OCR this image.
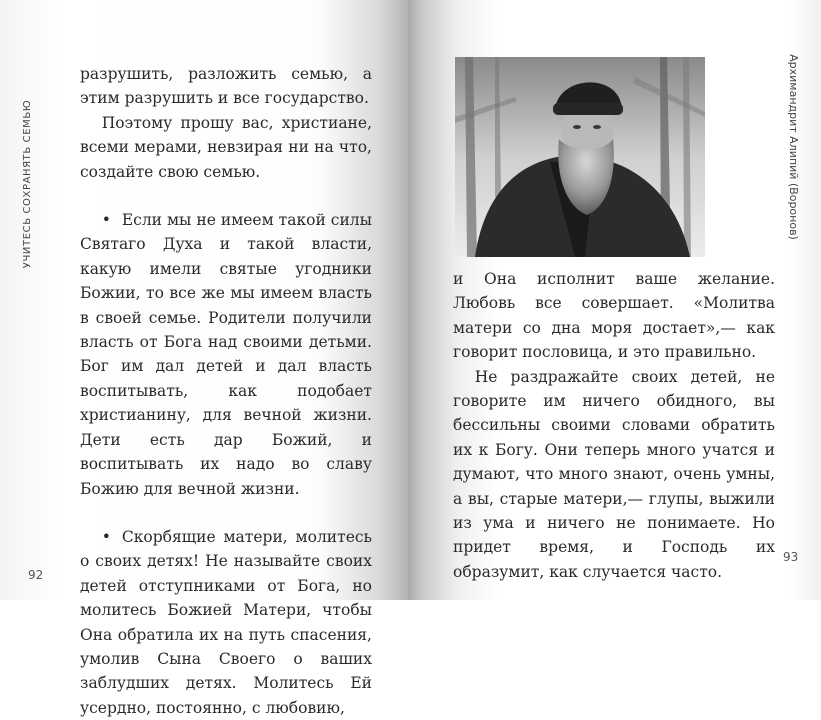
УЧИТЕСЬ СОХРАНЯТЬ СЕМЬЮ

разрушить, разложить семью, а этим разрушить и все государство.

Поэтому прошу вас, христиане, всеми мерами, невзирая ни на что, создайте свою семью.

• Если мы не имеем такой силы Святаго Духа и такой власти, какую имели святые угодники Божии, то все же мы имеем власть в своей семье. Родители получили власть от Бога над своими детьми. Бог им дал детей и дал власть воспитывать, как подобает христианину, для вечной жизни. Дети есть дар Божий, и воспитывать их надо во славу Божию для вечной жизни.

• Скорбящие матери, молитесь о своих детях! Не называйте своих детей отступниками от Бога, но молитесь Божией Матери, чтобы Она обратила их на путь спасения, умолив Сына Своего о ваших заблудших детях. Молитесь Ей усердно, постоянно, с любовию,

92
Архимандрит Алипий (Воронов)

и Она исполнит ваше желание. Любовь все совершает. «Молитва матери со дна моря достает»,— как говорит пословица, и это правильно.

Не раздражайте своих детей, не говорите им ничего обидного, вы бессильны своими словами обратить их к Богу. Они теперь много учатся и думают, что много знают, очень умны, а вы, старые матери,— глупы, выжили из ума и ничего не понимаете. Но придет время, и Господь их образумит, как случается часто.

93
